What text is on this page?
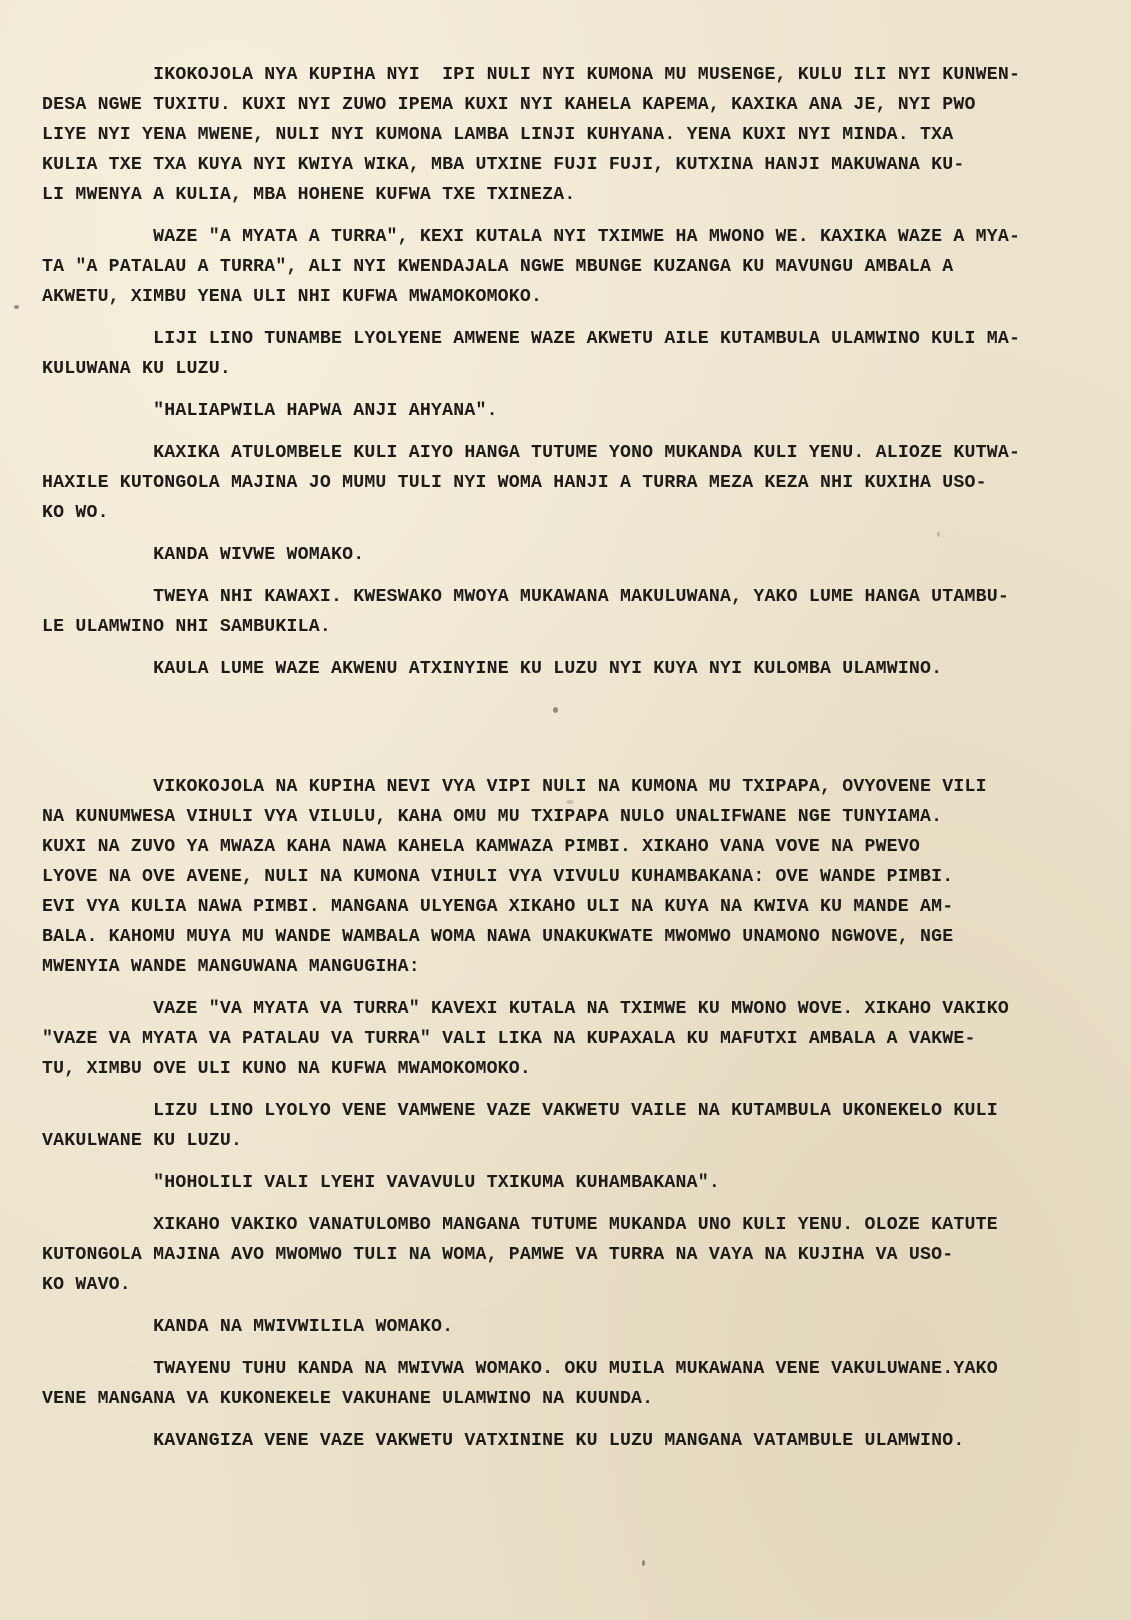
IKOKOJOLA NYA KUPIHA NYI  IPI NULI NYI KUMONA MU MUSENGE, KULU ILI NYI KUNWEN-
DESA NGWE TUXITU. KUXI NYI ZUWO IPEMA KUXI NYI KAHELA KAPEMA, KAXIKA ANA JE, NYI PWO
LIYE NYI YENA MWENE, NULI NYI KUMONA LAMBA LINJI KUHYANA. YENA KUXI NYI MINDA. TXA
KULIA TXE TXA KUYA NYI KWIYA WIKA, MBA UTXINE FUJI FUJI, KUTXINA HANJI MAKUWANA KU-
LI MWENYA A KULIA, MBA HOHENE KUFWA TXE TXINEZA.

WAZE "A MYATA A TURRA", KEXI KUTALA NYI TXIMWE HA MWONO WE. KAXIKA WAZE A MYA-
TA "A PATALAU A TURRA", ALI NYI KWENDAJALA NGWE MBUNGE KUZANGA KU MAVUNGU AMBALA A
AKWETU, XIMBU YENA ULI NHI KUFWA MWAMOKOMOKO.

LIJI LINO TUNAMBE LYOLYENE AMWENE WAZE AKWETU AILE KUTAMBULA ULAMWINO KULI MA-
KULUWANA KU LUZU.

"HALIAPWILA HAPWA ANJI AHYANA".

KAXIKA ATULOMBELE KULI AIYO HANGA TUTUME YONO MUKANDA KULI YENU. ALIOZE KUTWA-
HAXILE KUTONGOLA MAJINA JO MUMU TULI NYI WOMA HANJI A TURRA MEZA KEZA NHI KUXIHA USO-
KO WO.

KANDA WIVWE WOMAKO.

TWEYA NHI KAWAXI. KWESWAKO MWOYA MUKAWANA MAKULUWANA, YAKO LUME HANGA UTAMBU-
LE ULAMWINO NHI SAMBUKILA.

KAULA LUME WAZE AKWENU ATXINYINE KU LUZU NYI KUYA NYI KULOMBA ULAMWINO.

VIKOKOJOLA NA KUPIHA NEVI VYA VIPI NULI NA KUMONA MU TXIPAPA, OVYOVENE VILI
NA KUNUMWESA VIHULI VYA VILULU, KAHA OMU MU TXIPAPA NULO UNALIFWANE NGE TUNYIAMA.
KUXI NA ZUVO YA MWAZA KAHA NAWA KAHELA KAMWAZA PIMBI. XIKAHO VANA VOVE NA PWEVO
LYOVE NA OVE AVENE, NULI NA KUMONA VIHULI VYA VIVULU KUHAMBAKANA: OVE WANDE PIMBI.
EVI VYA KULIA NAWA PIMBI. MANGANA ULYENGA XIKAHO ULI NA KUYA NA KWIVA KU MANDE AM-
BALA. KAHOMU MUYA MU WANDE WAMBALA WOMA NAWA UNAKUKWATE MWOMWO UNAMONO NGWOVE, NGE
MWENYIA WANDE MANGUWANA MANGUGIHA:

VAZE "VA MYATA VA TURRA" KAVEXI KUTALA NA TXIMWE KU MWONO WOVE. XIKAHO VAKIKO
"VAZE VA MYATA VA PATALAU VA TURRA" VALI LIKA NA KUPAXALA KU MAFUTXI AMBALA A VAKWE-
TU, XIMBU OVE ULI KUNO NA KUFWA MWAMOKOMOKO.

LIZU LINO LYOLYO VENE VAMWENE VAZE VAKWETU VAILE NA KUTAMBULA UKONEKELO KULI
VAKULWANE KU LUZU.

"HOHOLILI VALI LYEHI VAVAVULU TXIKUMA KUHAMBAKANA".

XIKAHO VAKIKO VANATULOMBO MANGANA TUTUME MUKANDA UNO KULI YENU. OLOZE KATUTE
KUTONGOLA MAJINA AVO MWOMWO TULI NA WOMA, PAMWE VA TURRA NA VAYA NA KUJIHA VA USO-
KO WAVO.

KANDA NA MWIVWILILA WOMAKO.

TWAYENU TUHU KANDA NA MWIVWA WOMAKO. OKU MUILA MUKAWANA VENE VAKULUWANE.YAKO
VENE MANGANA VA KUKONEKELE VAKUHANE ULAMWINO NA KUUNDA.

KAVANGIZA VENE VAZE VAKWETU VATXININE KU LUZU MANGANA VATAMBULE ULAMWINO.
